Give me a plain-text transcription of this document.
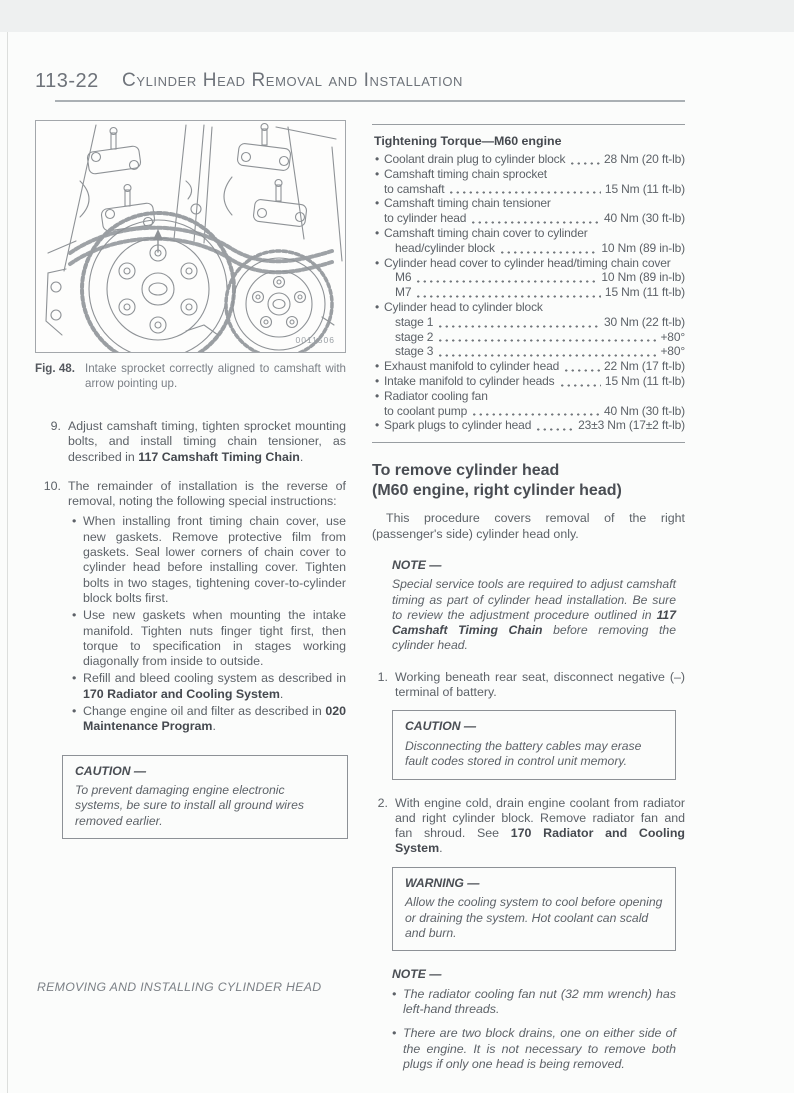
113-22 Cylinder Head Removal and Installation
0011506
Fig. 48. Intake sprocket correctly aligned to camshaft with arrow pointing up.
9. Adjust camshaft timing, tighten sprocket mounting bolts, and install timing chain tensioner, as described in 117 Camshaft Timing Chain.
10. The remainder of installation is the reverse of removal, noting the following special instructions:
• When installing front timing chain cover, use new gaskets. Remove protective film from gaskets. Seal lower corners of chain cover to cylinder head before installing cover. Tighten bolts in two stages, tightening cover-to-cylinder block bolts first.
• Use new gaskets when mounting the intake manifold. Tighten nuts finger tight first, then torque to specification in stages working diagonally from inside to outside.
• Refill and bleed cooling system as described in 170 Radiator and Cooling System.
• Change engine oil and filter as described in 020 Maintenance Program.
CAUTION —
To prevent damaging engine electronic systems, be sure to install all ground wires removed earlier.
Tightening Torque—M60 engine
• Coolant drain plug to cylinder block	28 Nm (20 ft-lb)
• Camshaft timing chain sprocket
to camshaft	15 Nm (11 ft-lb)
• Camshaft timing chain tensioner
to cylinder head	40 Nm (30 ft-lb)
• Camshaft timing chain cover to cylinder
head/cylinder block	10 Nm (89 in-lb)
• Cylinder head cover to cylinder head/timing chain cover
M6	10 Nm (89 in-lb)
M7	15 Nm (11 ft-lb)
• Cylinder head to cylinder block
stage 1	30 Nm (22 ft-lb)
stage 2	+80°
stage 3	+80°
• Exhaust manifold to cylinder head	22 Nm (17 ft-lb)
• Intake manifold to cylinder heads	15 Nm (11 ft-lb)
• Radiator cooling fan
to coolant pump	40 Nm (30 ft-lb)
• Spark plugs to cylinder head	23±3 Nm (17±2 ft-lb)
To remove cylinder head
(M60 engine, right cylinder head)
This procedure covers removal of the right (passenger's side) cylinder head only.
NOTE —
Special service tools are required to adjust camshaft timing as part of cylinder head installation. Be sure to review the adjustment procedure outlined in 117 Camshaft Timing Chain before removing the cylinder head.
1. Working beneath rear seat, disconnect negative (–) terminal of battery.
CAUTION —
Disconnecting the battery cables may erase fault codes stored in control unit memory.
2. With engine cold, drain engine coolant from radiator and right cylinder block. Remove radiator fan and fan shroud. See 170 Radiator and Cooling System.
WARNING —
Allow the cooling system to cool before opening or draining the system. Hot coolant can scald and burn.
NOTE —
• The radiator cooling fan nut (32 mm wrench) has left-hand threads.
• There are two block drains, one on either side of the engine. It is not necessary to remove both plugs if only one head is being removed.
REMOVING AND INSTALLING CYLINDER HEAD
